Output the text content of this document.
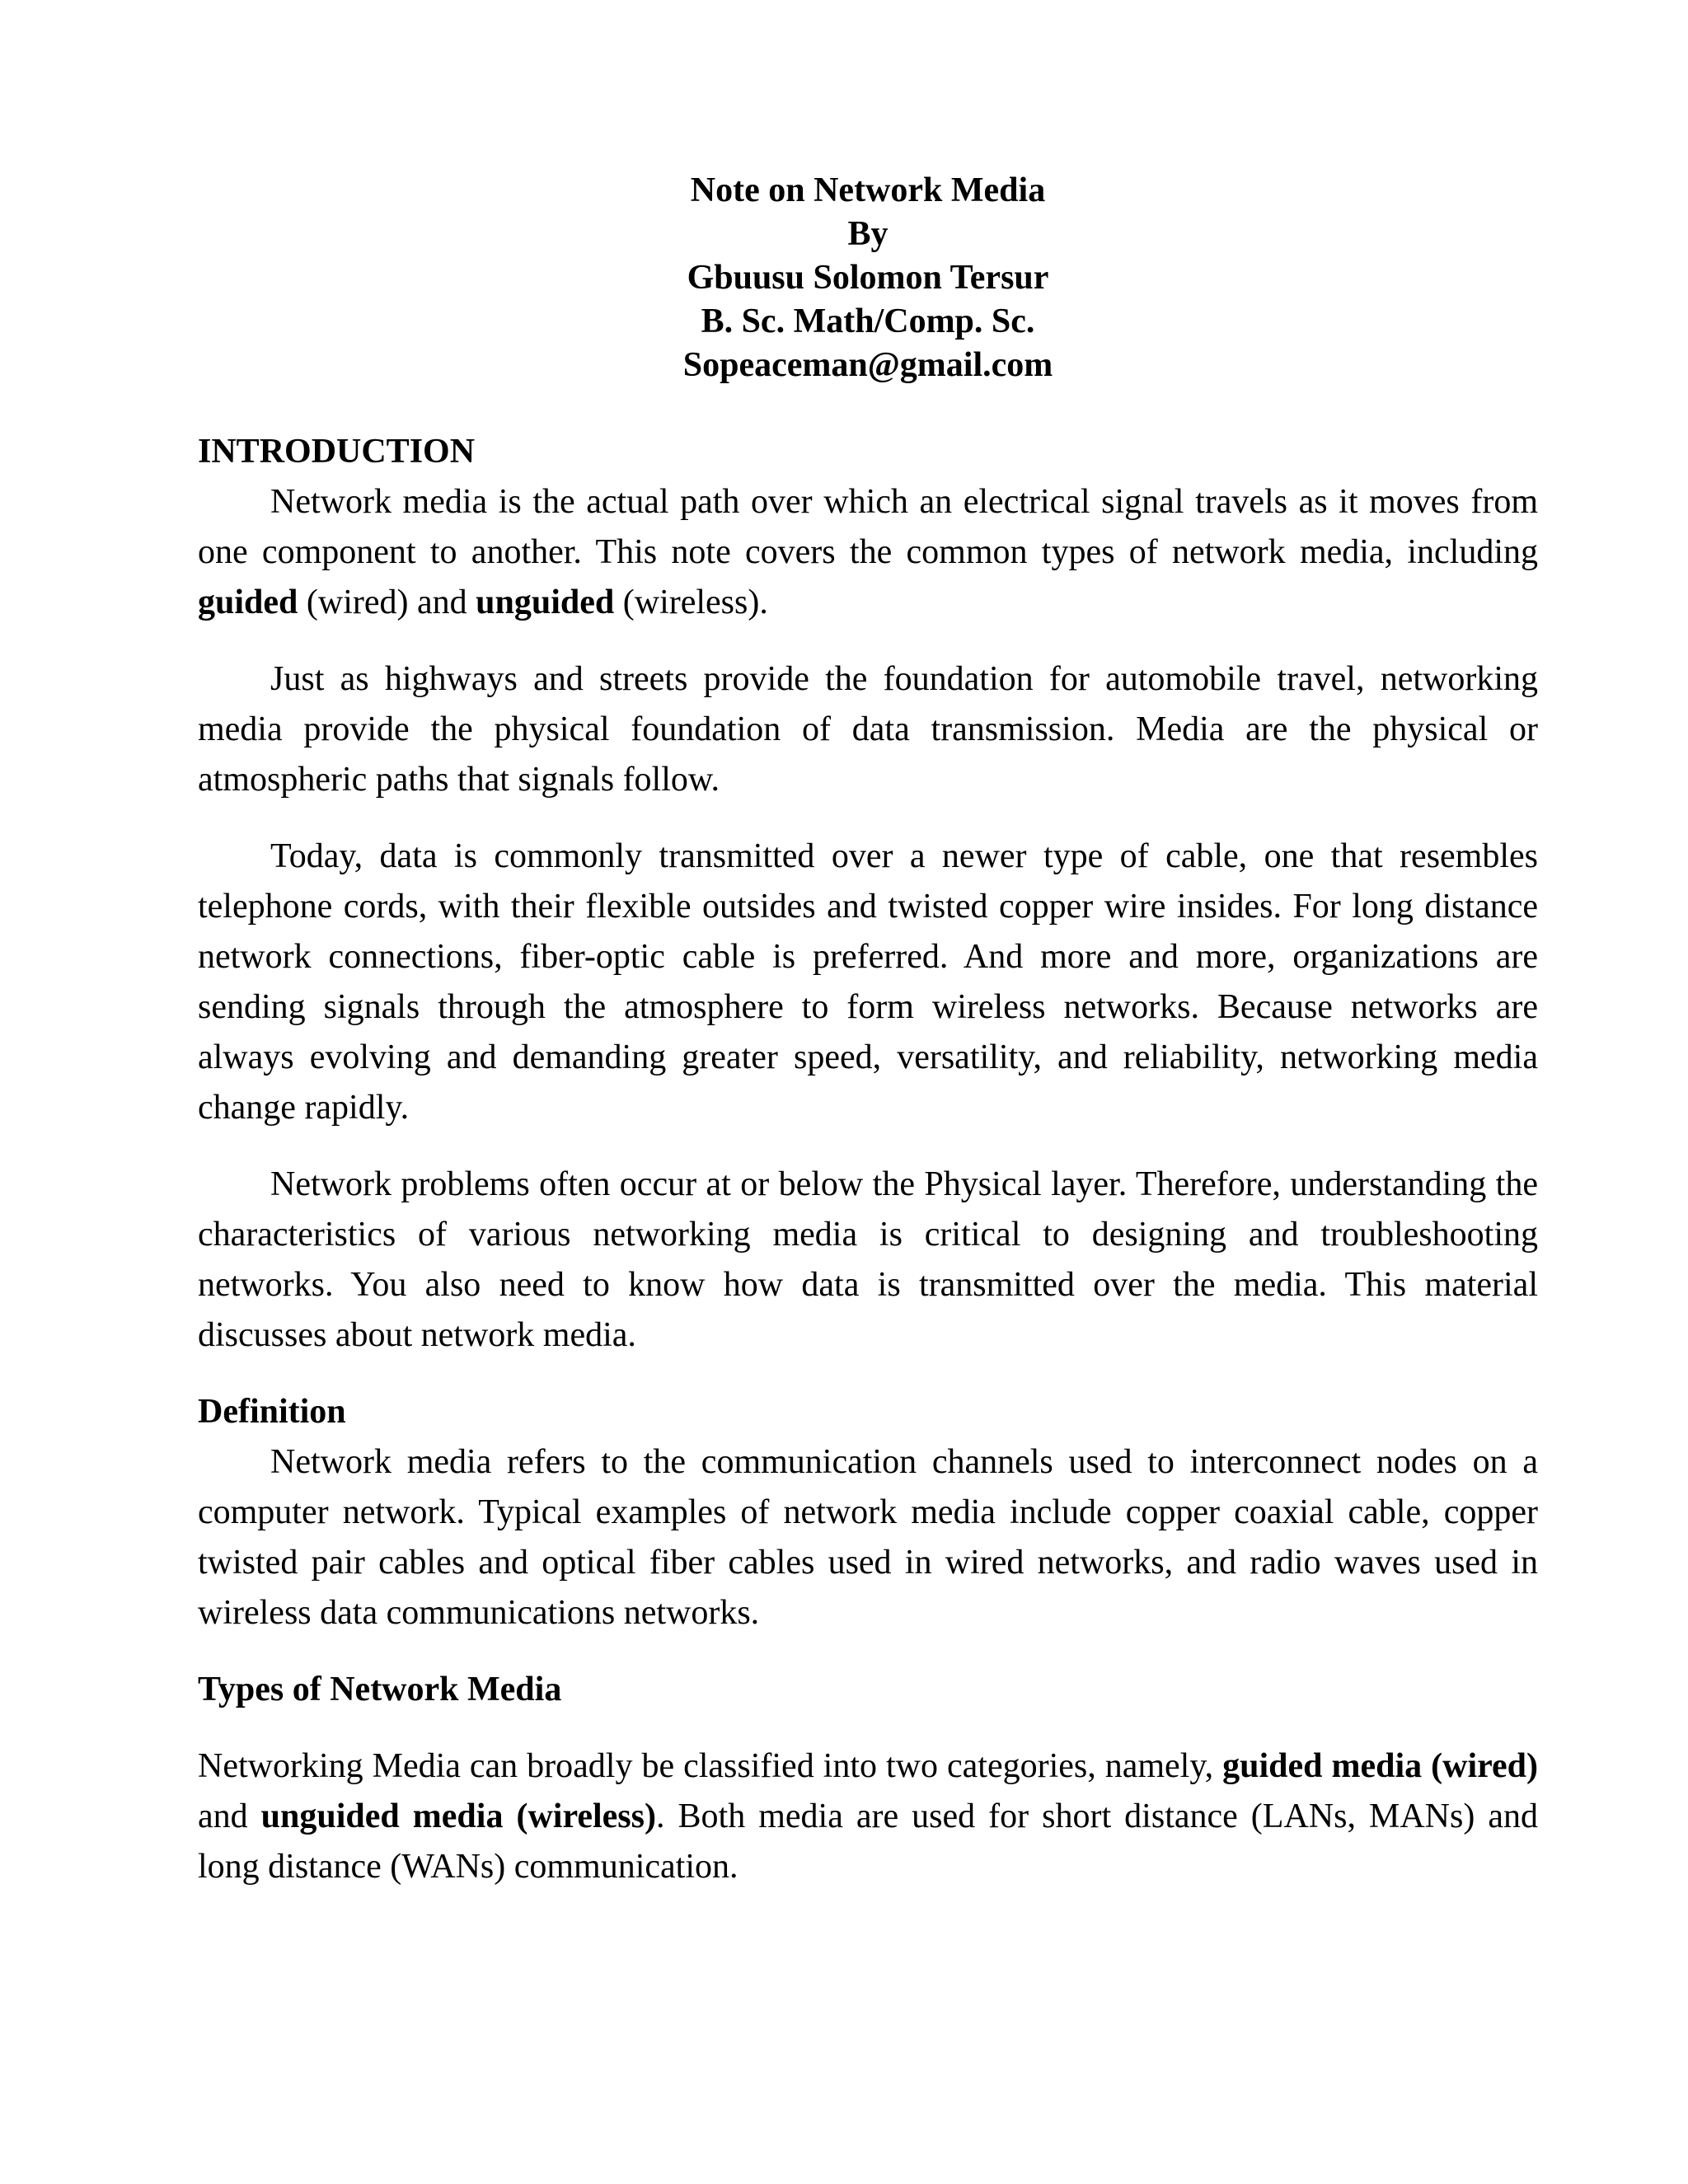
Note on Network Media
By
Gbuusu Solomon Tersur
B. Sc. Math/Comp. Sc.
Sopeaceman@gmail.com
INTRODUCTION

Network media is the actual path over which an electrical signal travels as it moves from one component to another. This note covers the common types of network media, including guided (wired) and unguided (wireless).

Just as highways and streets provide the foundation for automobile travel, networking media provide the physical foundation of data transmission. Media are the physical or atmospheric paths that signals follow.

Today, data is commonly transmitted over a newer type of cable, one that resembles telephone cords, with their flexible outsides and twisted copper wire insides. For long distance network connections, fiber-optic cable is preferred. And more and more, organizations are sending signals through the atmosphere to form wireless networks. Because networks are always evolving and demanding greater speed, versatility, and reliability, networking media change rapidly.

Network problems often occur at or below the Physical layer. Therefore, understanding the characteristics of various networking media is critical to designing and troubleshooting networks. You also need to know how data is transmitted over the media. This material discusses about network media.

Definition

Network media refers to the communication channels used to interconnect nodes on a computer network. Typical examples of network media include copper coaxial cable, copper twisted pair cables and optical fiber cables used in wired networks, and radio waves used in wireless data communications networks.

Types of Network Media

Networking Media can broadly be classified into two categories, namely, guided media (wired) and unguided media (wireless). Both media are used for short distance (LANs, MANs) and long distance (WANs) communication.
